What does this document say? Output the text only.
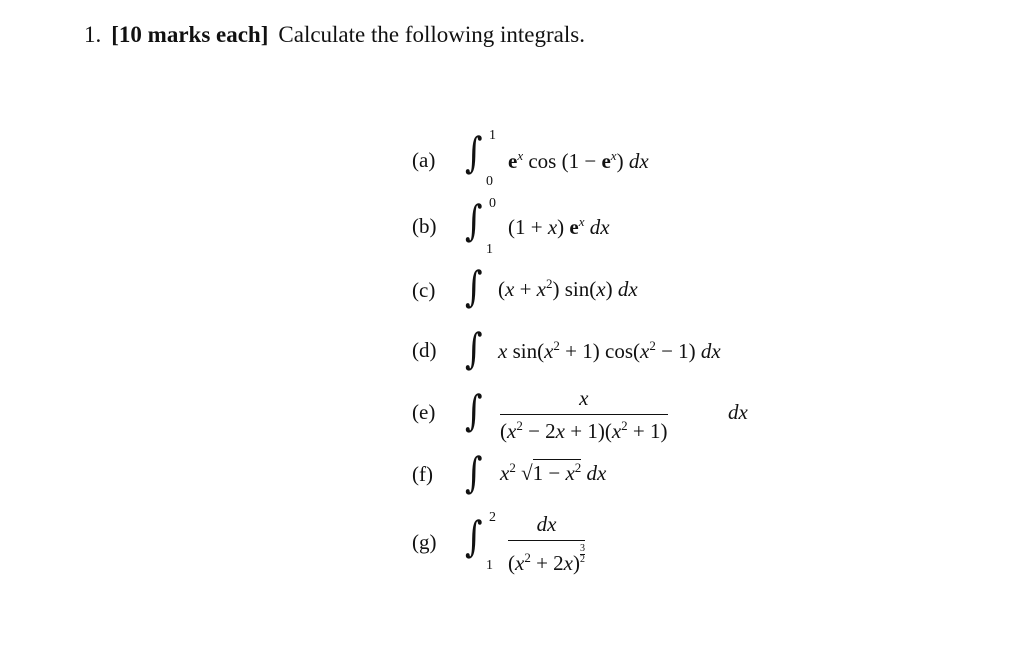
1. [10 marks each] Calculate the following integrals.
(a) ∫ 1
0
$e^x$ $\cos (1 - e^x)$ dx
(b) ∫ 0
1
(1 + x) $e^x$ dx
(c) ∫ $(x + x^2)$ sin(x) dx
(d) ∫ x $\sin(x^2 + 1) \cos(x^2 - 1)$ dx
(e) ∫ $\frac{x}{(x^2 - 2x + 1)(x^2 + 1)}$	dx
(f) ∫ $x^2$ $√1 - x^2$ dx
(g) ∫ 2
$1 \frac{dx}{(x^2 + 2x) \frac{3}{2}}$
